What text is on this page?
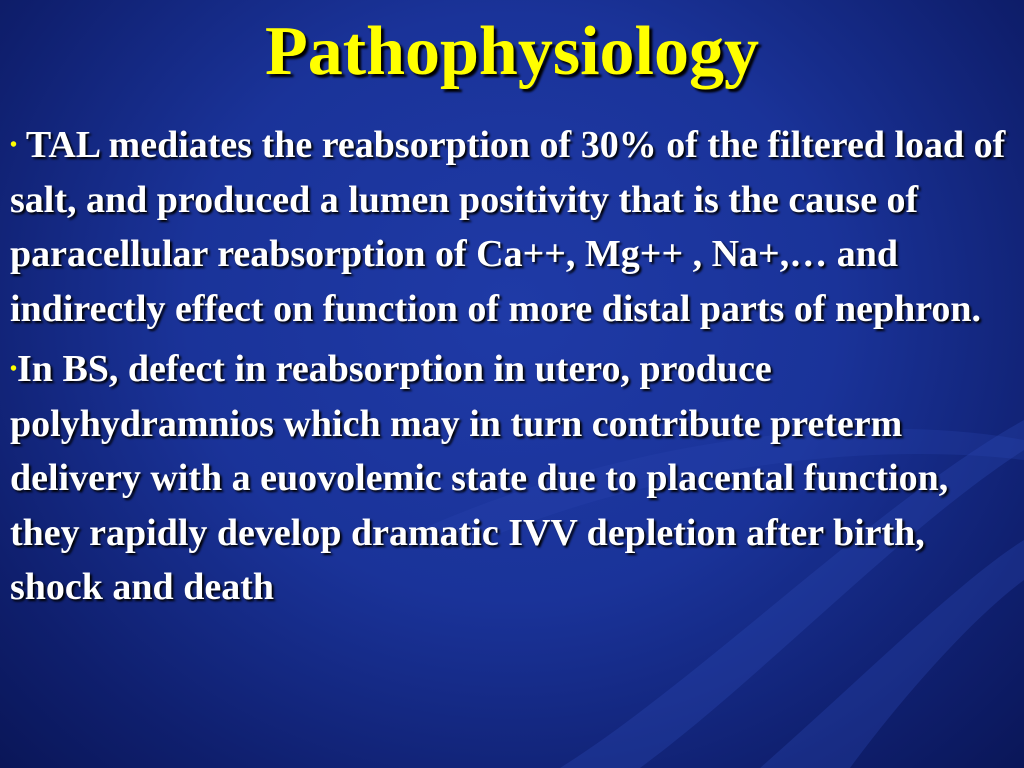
Pathophysiology

• TAL mediates the reabsorption of 30% of the filtered load of salt, and produced a lumen positivity that is the cause of paracellular reabsorption of Ca++, Mg++ , Na+,… and indirectly effect on function of more distal parts of nephron.

•In BS, defect in reabsorption in utero, produce polyhydramnios which may in turn contribute preterm delivery with a euovolemic state due to placental function, they rapidly develop dramatic IVV depletion after birth, shock and death
